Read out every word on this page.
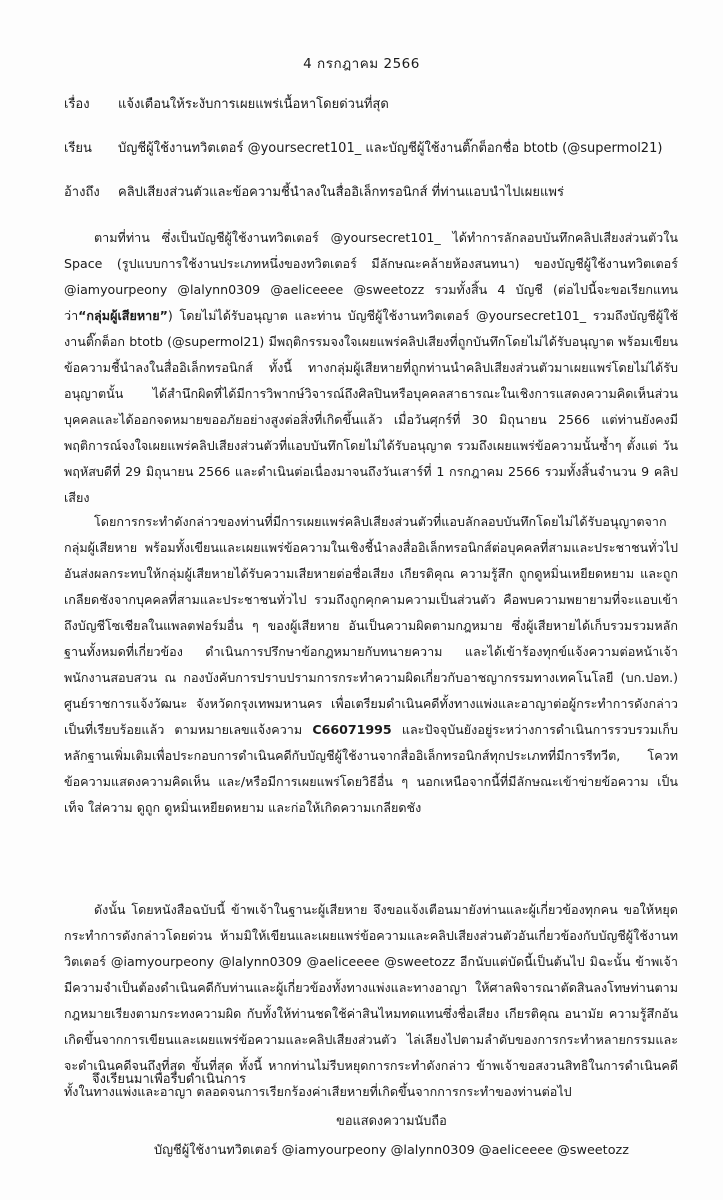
4 กรกฎาคม 2566
เรื่อง	แจ้งเตือนให้ระงับการเผยแพร่เนื้อหาโดยด่วนที่สุด
เรียน	บัญชีผู้ใช้งานทวิตเตอร์ @yoursecret101_ และบัญชีผู้ใช้งานติ๊กต็อกชื่อ btotb (@supermol21)
อ้างถึง	คลิปเสียงส่วนตัวและข้อความชี้นำลงในสื่ออิเล็กทรอนิกส์ ที่ท่านแอบนำไปเผยแพร่

ตามที่ท่าน ซึ่งเป็นบัญชีผู้ใช้งานทวิตเตอร์ @yoursecret101_ ได้ทำการลักลอบบันทึกคลิปเสียงส่วนตัวใน Space (รูปแบบการใช้งานประเภทหนึ่งของทวิตเตอร์ มีลักษณะคล้ายห้องสนทนา) ของบัญชีผู้ใช้งานทวิตเตอร์ @iamyourpeony @lalynn0309 @aeliceeee @sweetozz รวมทั้งสิ้น 4 บัญชี (ต่อไปนี้จะขอเรียกแทนว่า“กลุ่มผู้เสียหาย”) โดยไม่ได้รับอนุญาต และท่าน บัญชีผู้ใช้งานทวิตเตอร์ @yoursecret101_ รวมถึงบัญชีผู้ใช้งานติ๊กต็อก btotb (@supermol21) มีพฤติกรรมจงใจเผยแพร่คลิปเสียงที่ถูกบันทึกโดยไม่ได้รับอนุญาต พร้อมเขียนข้อความชี้นำลงในสื่ออิเล็กทรอนิกส์ ทั้งนี้ ทางกลุ่มผู้เสียหายที่ถูกท่านนำคลิปเสียงส่วนตัวมาเผยแพร่โดยไม่ได้รับอนุญาตนั้น ได้สำนึกผิดที่ได้มีการวิพากษ์วิจารณ์ถึงศิลปินหรือบุคคลสาธารณะในเชิงการแสดงความคิดเห็นส่วนบุคคลและได้ออกจดหมายขออภัยอย่างสูงต่อสิ่งที่เกิดขึ้นแล้ว เมื่อวันศุกร์ที่ 30 มิถุนายน 2566 แต่ท่านยังคงมีพฤติการณ์จงใจเผยแพร่คลิปเสียงส่วนตัวที่แอบบันทึกโดยไม่ได้รับอนุญาต รวมถึงเผยแพร่ข้อความนั้นซ้ำๆ ตั้งแต่ วันพฤหัสบดีที่ 29 มิถุนายน 2566 และดำเนินต่อเนื่องมาจนถึงวันเสาร์ที่ 1 กรกฎาคม 2566 รวมทั้งสิ้นจำนวน 9 คลิปเสียง

โดยการกระทำดังกล่าวของท่านที่มีการเผยแพร่คลิปเสียงส่วนตัวที่แอบลักลอบบันทึกโดยไม่ได้รับอนุญาตจากกลุ่มผู้เสียหาย พร้อมทั้งเขียนและเผยแพร่ข้อความในเชิงชี้นำลงสื่ออิเล็กทรอนิกส์ต่อบุคคลที่สามและประชาชนทั่วไป อันส่งผลกระทบให้กลุ่มผู้เสียหายได้รับความเสียหายต่อชื่อเสียง เกียรติคุณ ความรู้สึก ถูกดูหมิ่นเหยียดหยาม และถูกเกลียดชังจากบุคคลที่สามและประชาชนทั่วไป รวมถึงถูกคุกคามความเป็นส่วนตัว คือพบความพยายามที่จะแอบเข้าถึงบัญชีโซเชียลในแพลตฟอร์มอื่น ๆ ของผู้เสียหาย อันเป็นความผิดตามกฎหมาย ซึ่งผู้เสียหายได้เก็บรวมรวมหลักฐานทั้งหมดที่เกี่ยวข้อง ดำเนินการปรึกษาข้อกฎหมายกับทนายความ และได้เข้าร้องทุกข์แจ้งความต่อหน้าเจ้าพนักงานสอบสวน ณ กองบังคับการปราบปรามการกระทำความผิดเกี่ยวกับอาชญากรรมทางเทคโนโลยี (บก.ปอท.) ศูนย์ราชการแจ้งวัฒนะ จังหวัดกรุงเทพมหานคร เพื่อเตรียมดำเนินคดีทั้งทางแพ่งและอาญาต่อผู้กระทำการดังกล่าวเป็นที่เรียบร้อยแล้ว ตามหมายเลขแจ้งความ C66071995 และปัจจุบันยังอยู่ระหว่างการดำเนินการรวบรวมเก็บหลักฐานเพิ่มเติมเพื่อประกอบการดำเนินคดีกับบัญชีผู้ใช้งานจากสื่ออิเล็กทรอนิกส์ทุกประเภทที่มีการรีทวีต, โควทข้อความแสดงความคิดเห็น และ/หรือมีการเผยแพร่โดยวิธีอื่น ๆ นอกเหนือจากนี้ที่มีลักษณะเข้าข่ายข้อความ เป็นเท็จ ใส่ความ ดูถูก ดูหมิ่นเหยียดหยาม และก่อให้เกิดความเกลียดชัง

ดังนั้น โดยหนังสือฉบับนี้ ข้าพเจ้าในฐานะผู้เสียหาย จึงขอแจ้งเตือนมายังท่านและผู้เกี่ยวข้องทุกคน ขอให้หยุดกระทำการดังกล่าวโดยด่วน ห้ามมิให้เขียนและเผยแพร่ข้อความและคลิปเสียงส่วนตัวอันเกี่ยวข้องกับบัญชีผู้ใช้งานทวิตเตอร์ @iamyourpeony @lalynn0309 @aeliceeee @sweetozz อีกนับแต่บัดนี้เป็นต้นไป มิฉะนั้น ข้าพเจ้ามีความจำเป็นต้องดำเนินคดีกับท่านและผู้เกี่ยวข้องทั้งทางแพ่งและทางอาญา ให้ศาลพิจารณาตัดสินลงโทษท่านตามกฎหมายเรียงตามกระทงความผิด กับทั้งให้ท่านชดใช้ค่าสินไหมทดแทนซึ่งชื่อเสียง เกียรติคุณ อนามัย ความรู้สึกอันเกิดขึ้นจากการเขียนและเผยแพร่ข้อความและคลิปเสียงส่วนตัว ไล่เลียงไปตามลำดับของการกระทำหลายกรรมและจะดำเนินคดีจนถึงที่สุด ขั้นที่สุด ทั้งนี้ หากท่านไม่รีบหยุดการกระทำดังกล่าว ข้าพเจ้าขอสงวนสิทธิในการดำเนินคดีทั้งในทางแพ่งและอาญา ตลอดจนการเรียกร้องค่าเสียหายที่เกิดขึ้นจากการกระทำของท่านต่อไป

จึงเรียนมาเพื่อรีบดำเนินการ
ขอแสดงความนับถือ
บัญชีผู้ใช้งานทวิตเตอร์ @iamyourpeony @lalynn0309 @aeliceeee @sweetozz
